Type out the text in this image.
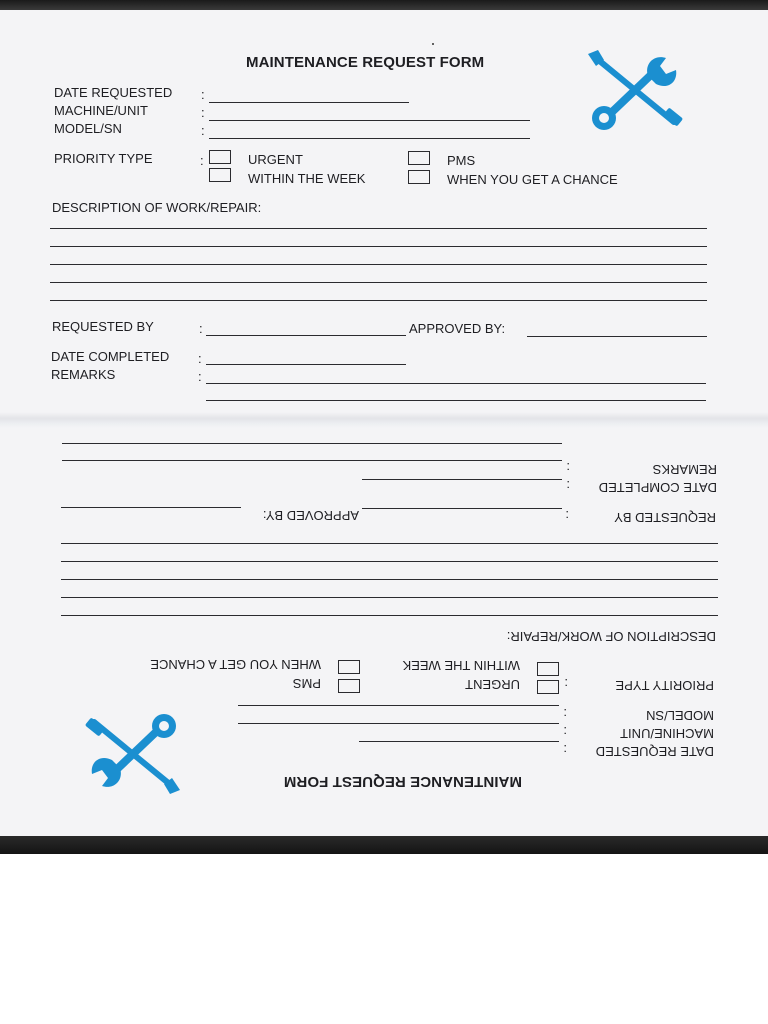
MAINTENANCE REQUEST FORM
DATE REQUESTED :
MACHINE/UNIT	:
MODEL/SN	:
PRIORITY TYPE	:	URGENT
WITHIN THE WEEK
PMS
WHEN YOU GET A CHANCE
DESCRIPTION OF WORK/REPAIR:
REQUESTED BY	:	APPROVED BY:
DATE COMPLETED :
REMARKS	:
MAINTENANCE REQUEST FORM
DATE REQUESTED
:
MACHINE/UNIT
:
MODEL/SN
:
PRIORITY TYPE
:
URGENT
WITHIN THE WEEK
PMS
WHEN YOU GET A CHANCE
DESCRIPTION OF WORK/REPAIR:
REQUESTED BY
:
APPROVED BY:
DATE COMPLETED
:
REMARKS
:
